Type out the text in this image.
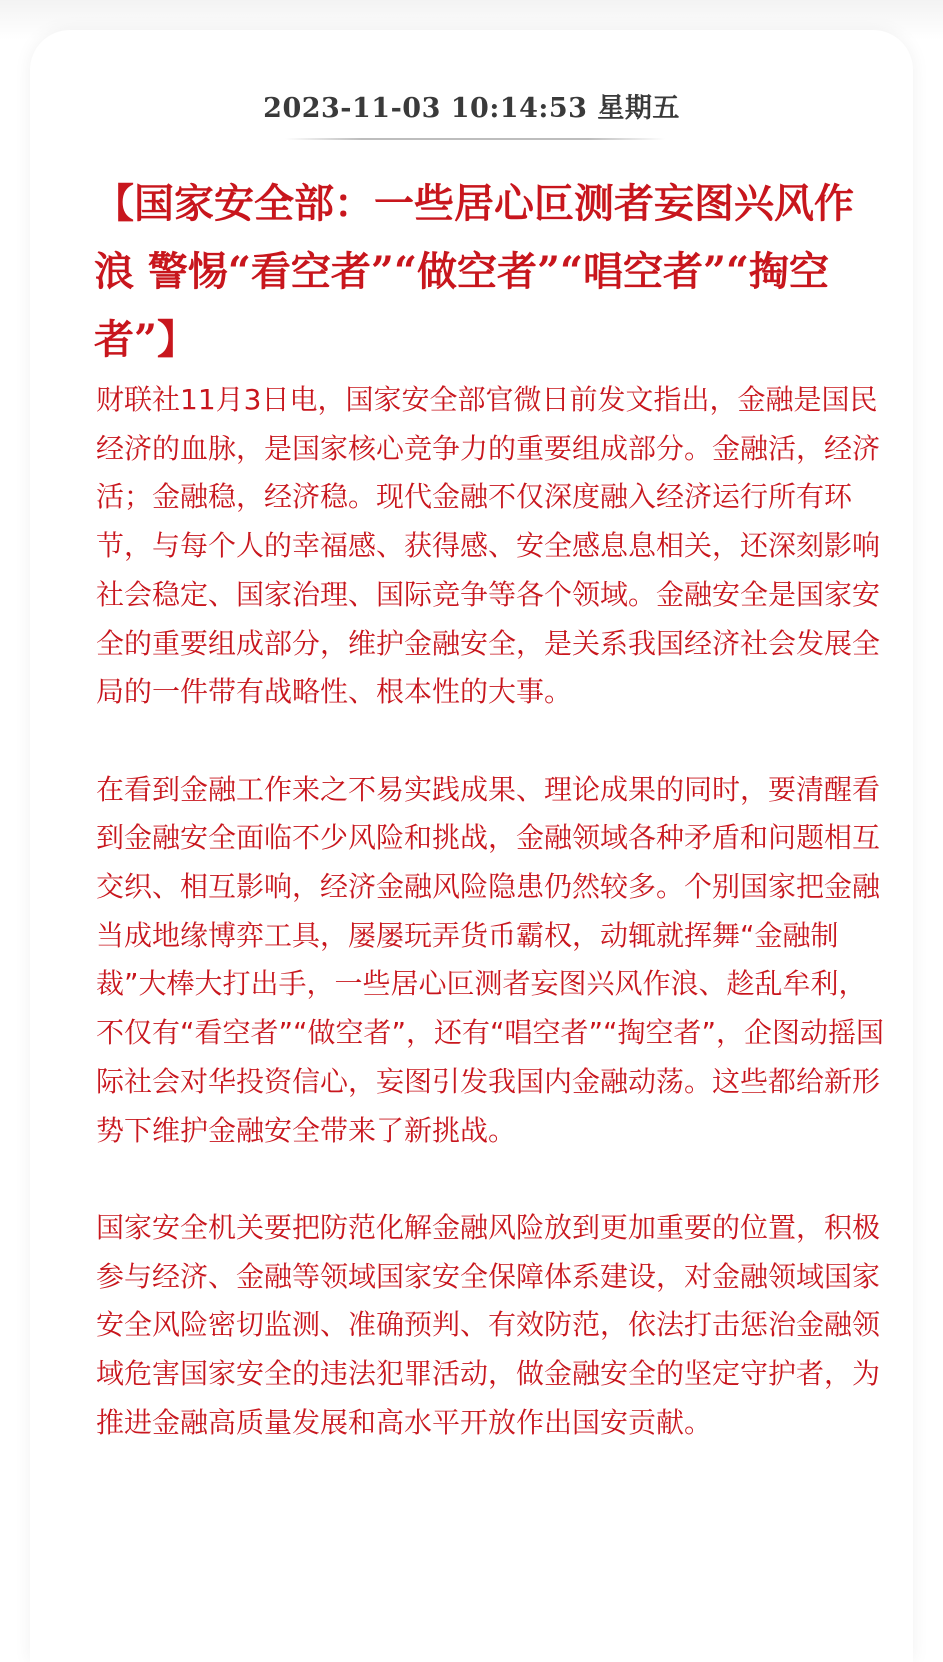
2023-11-03 10:14:53 星期五
【国家安全部：一些居心叵测者妄图兴风作浪 警惕“看空者”“做空者”“唱空者”“掏空者”】

财联社11月3日电，国家安全部官微日前发文指出，金融是国民经济的血脉，是国家核心竞争力的重要组成部分。金融活，经济活；金融稳，经济稳。现代金融不仅深度融入经济运行所有环节，与每个人的幸福感、获得感、安全感息息相关，还深刻影响社会稳定、国家治理、国际竞争等各个领域。金融安全是国家安全的重要组成部分，维护金融安全，是关系我国经济社会发展全局的一件带有战略性、根本性的大事。

在看到金融工作来之不易实践成果、理论成果的同时，要清醒看到金融安全面临不少风险和挑战，金融领域各种矛盾和问题相互交织、相互影响，经济金融风险隐患仍然较多。个别国家把金融当成地缘博弈工具，屡屡玩弄货币霸权，动辄就挥舞“金融制裁”大棒大打出手，一些居心叵测者妄图兴风作浪、趁乱牟利，不仅有“看空者”“做空者”，还有“唱空者”“掏空者”，企图动摇国际社会对华投资信心，妄图引发我国内金融动荡。这些都给新形势下维护金融安全带来了新挑战。

国家安全机关要把防范化解金融风险放到更加重要的位置，积极参与经济、金融等领域国家安全保障体系建设，对金融领域国家安全风险密切监测、准确预判、有效防范，依法打击惩治金融领域危害国家安全的违法犯罪活动，做金融安全的坚定守护者，为推进金融高质量发展和高水平开放作出国安贡献。
